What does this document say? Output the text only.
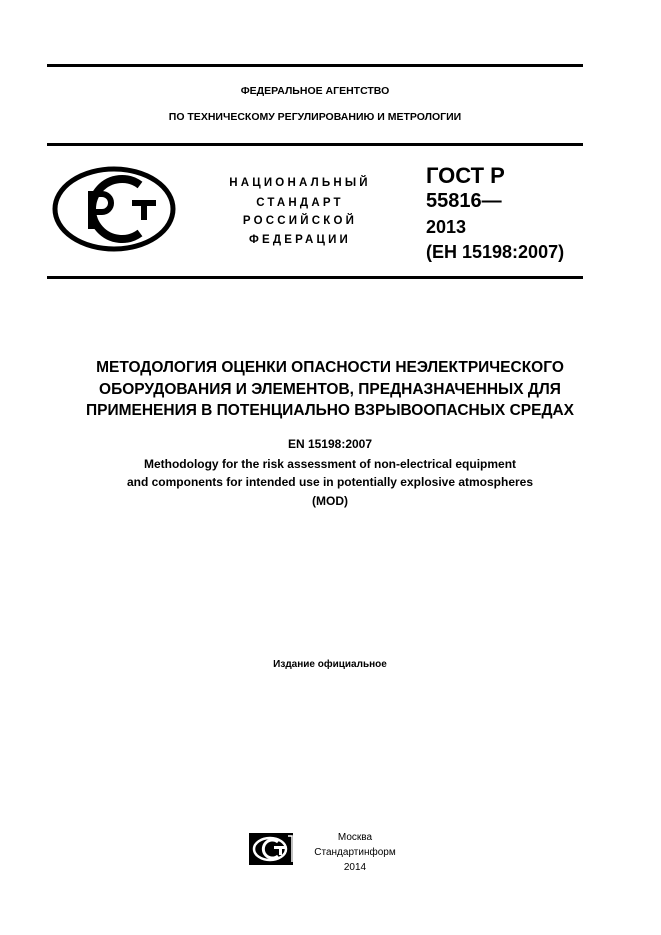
ФЕДЕРАЛЬНОЕ АГЕНТСТВО
ПО ТЕХНИЧЕСКОМУ РЕГУЛИРОВАНИЮ И МЕТРОЛОГИИ
НАЦИОНАЛЬНЫЙ
СТАНДАРТ
РОССИЙСКОЙ
ФЕДЕРАЦИИ
ГОСТ Р
55816—
2013
(ЕН 15198:2007)
МЕТОДОЛОГИЯ ОЦЕНКИ ОПАСНОСТИ НЕЭЛЕКТРИЧЕСКОГО
ОБОРУДОВАНИЯ И ЭЛЕМЕНТОВ, ПРЕДНАЗНАЧЕННЫХ ДЛЯ
ПРИМЕНЕНИЯ В ПОТЕНЦИАЛЬНО ВЗРЫВООПАСНЫХ СРЕДАХ
EN 15198:2007
Methodology for the risk assessment of non-electrical equipment
and components for intended use in potentially explosive atmospheres
(MOD)
Издание официальное
Москва
Стандартинформ
2014
